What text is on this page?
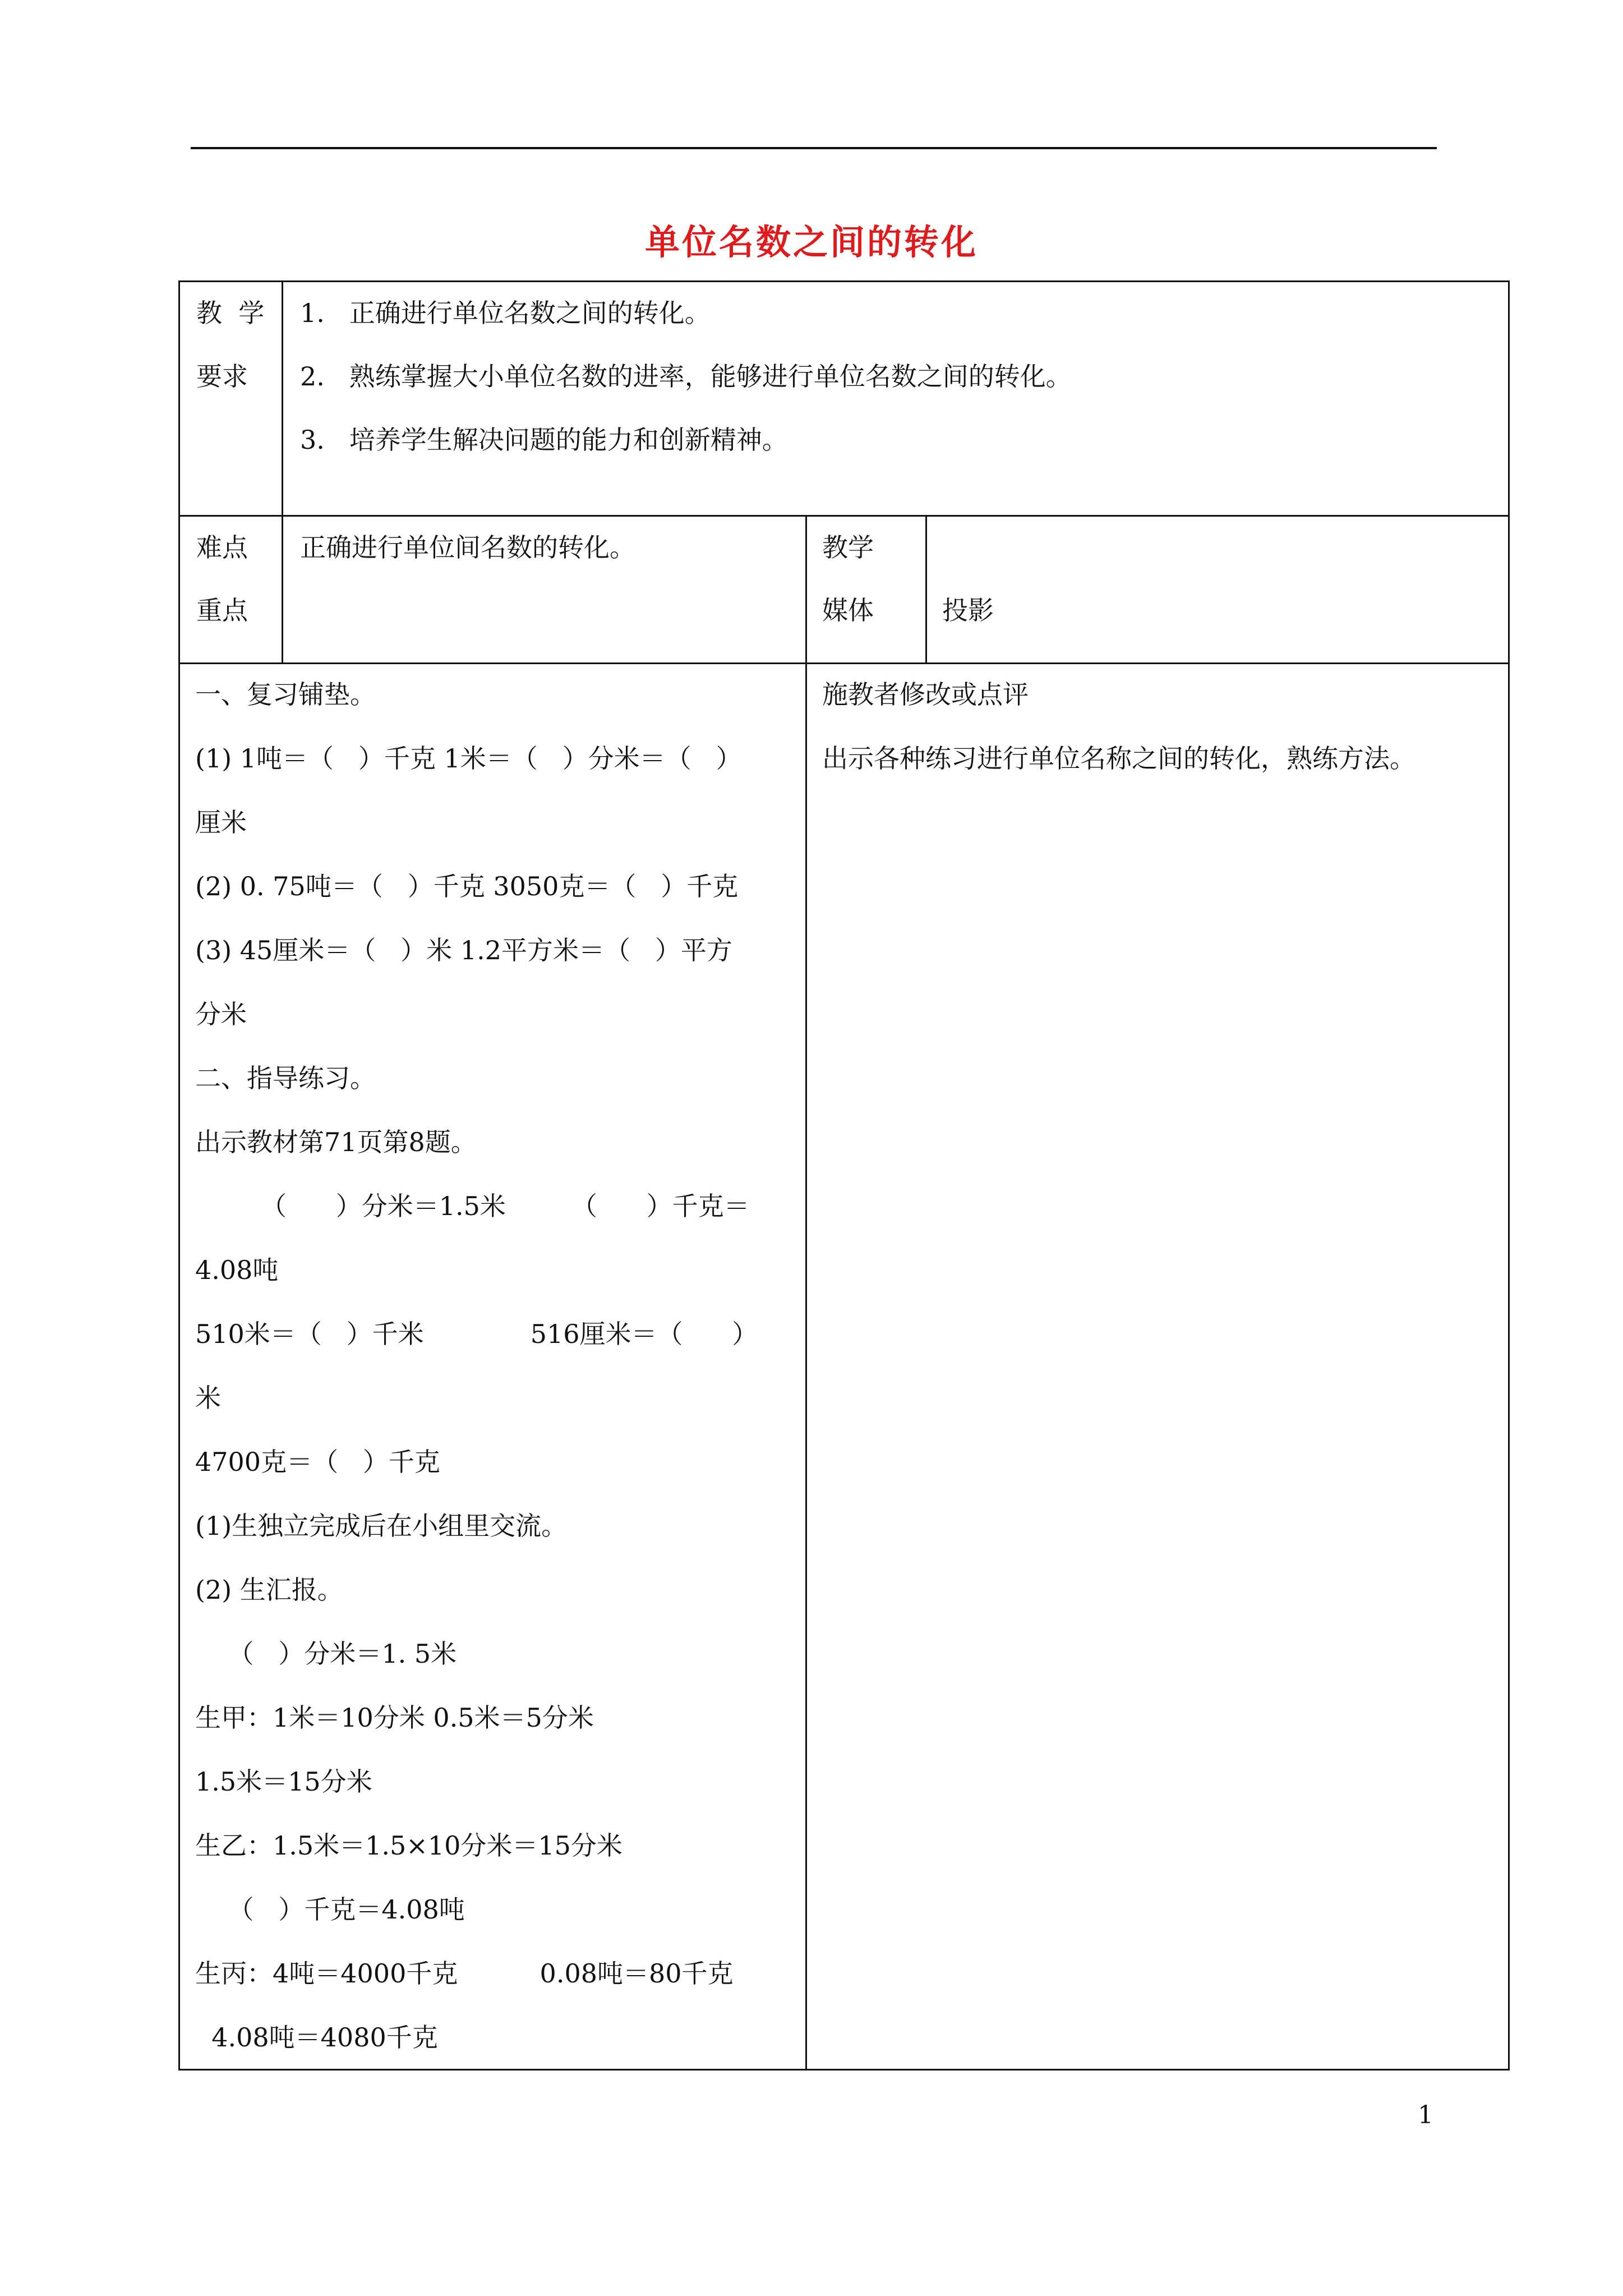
单位名数之间的转化
教  学
要求
1.   正确进行单位名数之间的转化。
2.   熟练掌握大小单位名数的进率，能够进行单位名数之间的转化。
3.   培养学生解决问题的能力和创新精神。
难点
重点
正确进行单位间名数的转化。	教学
媒体	投影
一、复习铺垫。
(1) 1吨＝（   ）千克 1米＝（   ）分米＝（   ）
厘米
(2) 0. 75吨＝（   ）千克 3050克＝（   ）千克
(3) 45厘米＝（   ）米 1.2平方米＝（   ）平方
分米
二、指导练习。
出示教材第71页第8题。
（      ）分米＝1.5米        （      ）千克＝
4.08吨
510米＝（   ）千米             516厘米＝（      ）
米
4700克＝（   ）千克
(1)生独立完成后在小组里交流。
(2) 生汇报。
（   ）分米＝1. 5米
生甲：1米＝10分米 0.5米＝5分米
1.5米＝15分米
生乙：1.5米＝1.5×10分米＝15分米
（   ）千克＝4.08吨
生丙：4吨＝4000千克          0.08吨＝80千克
4.08吨＝4080千克
施教者修改或点评
出示各种练习进行单位名称之间的转化，熟练方法。
1
